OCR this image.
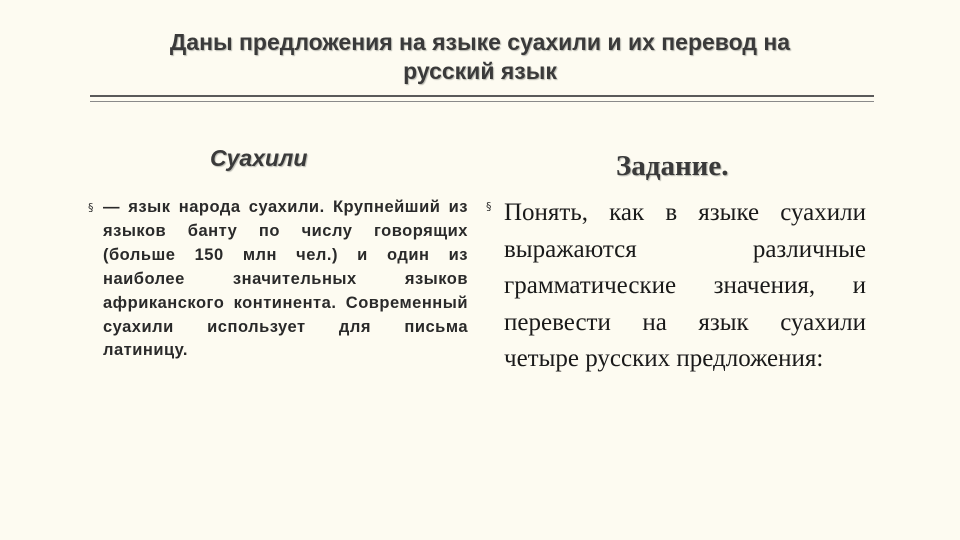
Даны предложения на языке суахили и их перевод на
русский язык
Суахили	Задание.
§ — язык народа суахили. Крупнейший из языков банту по числу говорящих (больше 150 млн чел.) и один из наиболее значительных языков африканского континента. Современный суахили использует для письма латиницу.
§ Понять, как в языке суахили выражаются различные грамматические значения, и перевести на язык суахили четыре русских предложения:
